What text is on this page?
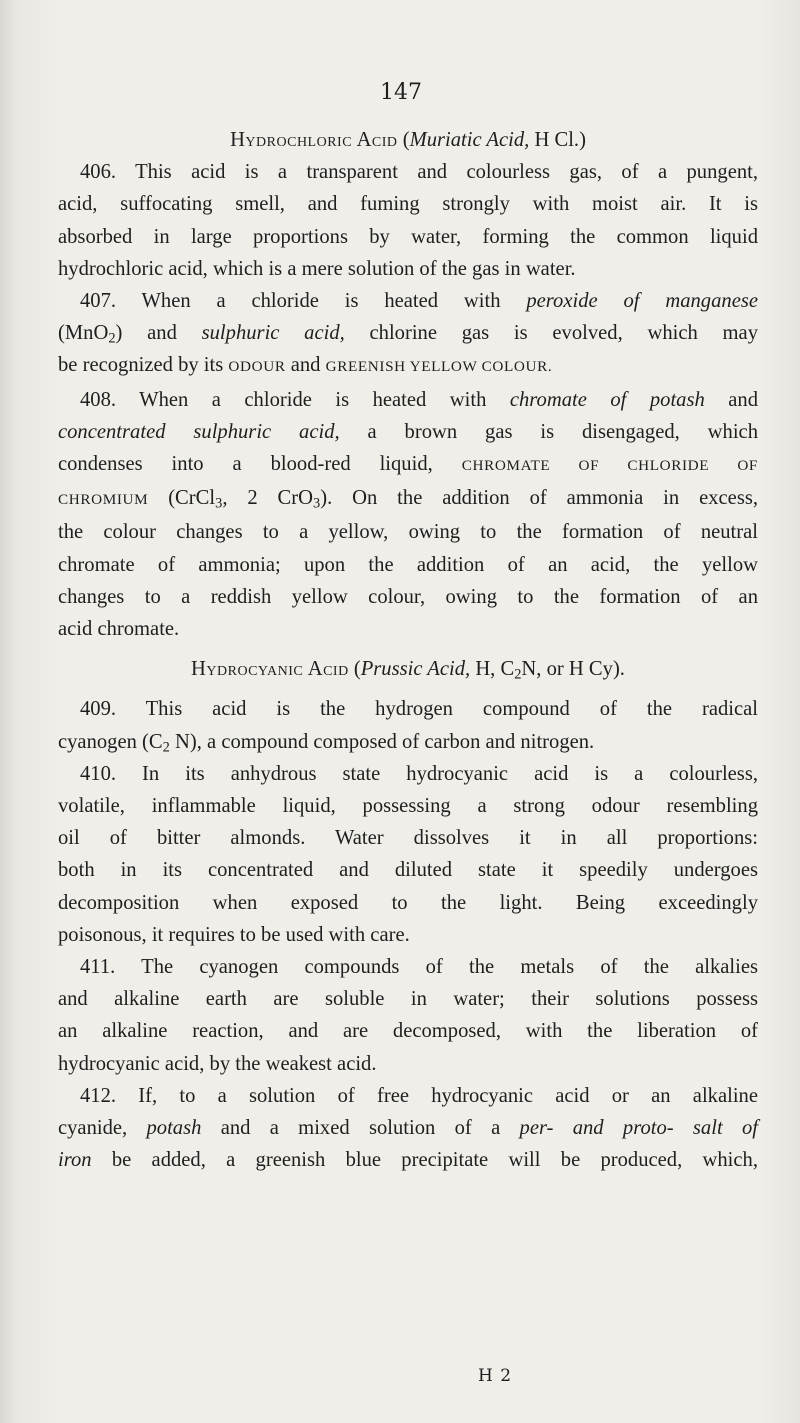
147
Hydrochloric Acid (Muriatic Acid, H Cl.)
406. This acid is a transparent and colourless gas, of a pungent,
acid, suffocating smell, and fuming strongly with moist air. It is
absorbed in large proportions by water, forming the common liquid
hydrochloric acid, which is a mere solution of the gas in water.
407. When a chloride is heated with peroxide of manganese
(MnO$_2$) and sulphuric acid, chlorine gas is evolved, which may
be recognized by its ODOUR and GREENISH YELLOW COLOUR.
408. When a chloride is heated with chromate of potash and
concentrated sulphuric acid, a brown gas is disengaged, which
condenses into a blood-red liquid, CHROMATE OF CHLORIDE OF
CHROMIUM (CrCl$_3$, 2 CrO$_3$). On the addition of ammonia in excess,
the colour changes to a yellow, owing to the formation of neutral
chromate of ammonia; upon the addition of an acid, the yellow
changes to a reddish yellow colour, owing to the formation of an
acid chromate.
Hydrocyanic Acid (Prussic Acid, H, $C_2N$, or H Cy).
409. This acid is the hydrogen compound of the radical
cyanogen ($C_2$ N), a compound composed of carbon and nitrogen.
410. In its anhydrous state hydrocyanic acid is a colourless,
volatile, inflammable liquid, possessing a strong odour resembling
oil of bitter almonds. Water dissolves it in all proportions:
both in its concentrated and diluted state it speedily undergoes
decomposition when exposed to the light. Being exceedingly
poisonous, it requires to be used with care.
411. The cyanogen compounds of the metals of the alkalies
and alkaline earth are soluble in water; their solutions possess
an alkaline reaction, and are decomposed, with the liberation of
hydrocyanic acid, by the weakest acid.
412. If, to a solution of free hydrocyanic acid or an alkaline
cyanide, potash and a mixed solution of a per- and proto- salt of
iron be added, a greenish blue precipitate will be produced, which,
H 2
